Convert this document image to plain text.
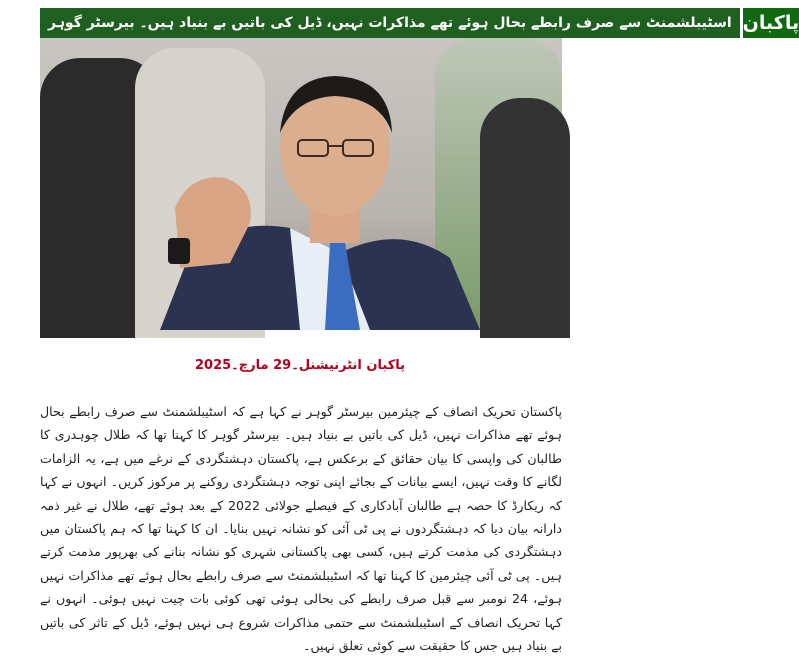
اسٹیبلشمنٹ سے صرف رابطے بحال ہوئے تھے مذاکرات نہیں، ڈیل کی باتیں بے بنیاد ہیں۔ بیرسٹر گوہر پاکبان
پاکبان انٹرنیشنل۔29 مارچ۔2025

پاکستان تحریک انصاف کے چیئرمین بیرسٹر گوہر نے کہا ہے کہ اسٹیبلشمنٹ سے صرف رابطے بحال ہوئے تھے مذاکرات نہیں، ڈیل کی باتیں بے بنیاد ہیں۔ بیرسٹر گوہر کا کہنا تھا کہ طلال چوہدری کا طالبان کی واپسی کا بیان حقائق کے برعکس ہے، پاکستان دہشتگردی کے نرغے میں ہے، یہ الزامات لگانے کا وقت نہیں، ایسے بیانات کے بجائے اپنی توجہ دہشتگردی روکنے پر مرکوز کریں۔ انہوں نے کہا کہ ریکارڈ کا حصہ ہے طالبان آبادکاری کے فیصلے جولائی 2022 کے بعد ہوئے تھے، طلال نے غیر ذمہ دارانہ بیان دیا کہ دہشتگردوں نے پی ٹی آئی کو نشانہ نہیں بنایا۔ ان کا کہنا تھا کہ ہم پاکستان میں دہشتگردی کی مذمت کرتے ہیں، کسی بھی پاکستانی شہری کو نشانہ بنانے کی بھرپور مذمت کرتے ہیں۔ پی ٹی آئی چیئرمین کا کہنا تھا کہ اسٹیبلشمنٹ سے صرف رابطے بحال ہوئے تھے مذاکرات نہیں ہوئے، 24 نومبر سے قبل صرف رابطے کی بحالی ہوئی تھی کوئی بات چیت نہیں ہوئی۔ انہوں نے کہا تحریک انصاف کے اسٹیبلشمنٹ سے حتمی مذاکرات شروع ہی نہیں ہوئے، ڈیل کے تاثر کی باتیں بے بنیاد ہیں جس کا حقیقت سے کوئی تعلق نہیں۔
